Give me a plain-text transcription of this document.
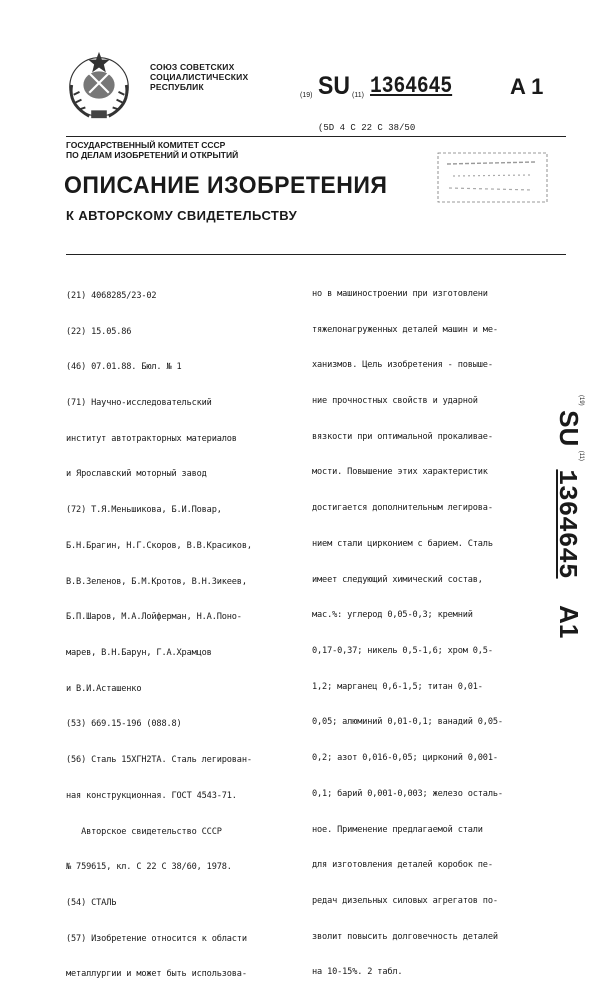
СОЮЗ СОВЕТСКИХ
СОЦИАЛИСТИЧЕСКИХ
РЕСПУБЛИК
(19) SU (11) 1364645	A 1
(5D 4 С 22 С 38/50
ГОСУДАРСТВЕННЫЙ КОМИТЕТ СССР
ПО ДЕЛАМ ИЗОБРЕТЕНИЙ И ОТКРЫТИЙ
ОПИСАНИЕ ИЗОБРЕТЕНИЯ
К АВТОРСКОМУ СВИДЕТЕЛЬСТВУ

(21) 4068285/23-02

(22) 15.05.86

(46) 07.01.88. Бюл. № 1

(71) Научно-исследовательский

институт автотракторных материалов

и Ярославский моторный завод

(72) Т.Я.Меньшикова, Б.И.Повар,

Б.Н.Брагин, Н.Г.Скоров, В.В.Красиков,

В.В.Зеленов, Б.М.Кротов, В.Н.Зикеев,

Б.П.Шаров, М.А.Лойферман, Н.А.Поно-

марев, В.Н.Барун, Г.А.Храмцов

и В.И.Асташенко

(53) 669.15-196 (088.8)

(56) Сталь 15ХГН2ТА. Сталь легирован-

ная конструкционная. ГОСТ 4543-71.

Авторское свидетельство СССР

№ 759615, кл. С 22 С 38/60, 1978.

(54) СТАЛЬ

(57) Изобретение относится к области

металлургии и может быть использова-

но в машиностроении при изготовлени

тяжелонагруженных деталей машин и ме-

ханизмов. Цель изобретения - повыше-

ние прочностных свойств и ударной

вязкости при оптимальной прокаливае-

мости. Повышение этих характеристик

достигается дополнительным легирова-

нием стали цирконием с барием. Сталь

имеет следующий химический состав,

мас.%: углерод 0,05-0,3; кремний

0,17-0,37; никель 0,5-1,6; хром 0,5-

1,2; марганец 0,6-1,5; титан 0,01-

0,05; алюминий 0,01-0,1; ванадий 0,05-

0,2; азот 0,016-0,05; цирконий 0,001-

0,1; барий 0,001-0,003; железо осталь-

ное. Применение предлагаемой стали

для изготовления деталей коробок пе-

редач дизельных силовых агрегатов по-

зволит повысить долговечность деталей

на 10-15%. 2 табл.

$^{(19)}$ SU $^{(11)}$ 1364645 A1
